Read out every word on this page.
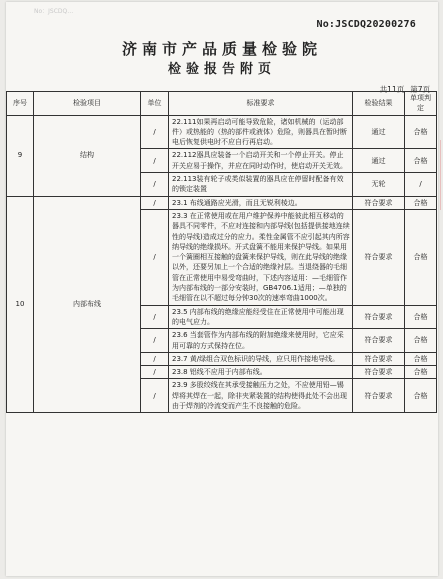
No：JSCDQ…
No:JSCDQ20200276
济南市产品质量检验院
检验报告附页
共11页 第7页
序号	检验项目	单位	标准要求	检验结果	单项判定
9	结构	/	22.111如果再启动可能导致危险，诸如机械的（运动部件）或热能的（热的部件或液体）危险，则器具在暂时断电后恢复供电时不应自行再启动。	通过	合格
		/	22.112器具应装备一个启动开关和一个停止开关。停止开关应易于操作，并应在同时动作时，使启动开关无效。	通过	合格
		/	22.113装有轮子或类似装置的器具应在停留时配备有效的锁定装置	无轮	/
10	内部布线	/	23.1 布线通路应光滑，而且无锐利棱边。	符合要求	合格
		/	23.3 在正常使用或在用户维护保养中能彼此相互移动的器具不同零件，不应对连接和内部导线(包括提供接地连续性的导线)造成过分的应力。柔性金属管不应引起其内所容纳导线的绝缘损坏。开式盘簧不能用来保护导线。如果用一个簧圈相互接触的盘簧来保护导线，则在此导线的绝缘以外，还要另加上一个合适的绝缘衬层。当退绕器的毛细管在正常使用中易受弯曲时，下述内容适用：—毛细管作为内部布线的一部分安装时，GB4706.1适用；—单独的毛细管在以不超过每分钟30次的速率弯曲1000次。	符合要求	合格
		/	23.5 内部布线的绝缘应能经受住在正常使用中可能出现的电气应力。	符合要求	合格
		/	23.6 当套管作为内部布线的附加绝缘来使用时，它应采用可靠的方式保持在位。	符合要求	合格
		/	23.7 黄/绿组合双色标识的导线，应只用作接地导线。	符合要求	合格
		/	23.8 铝线不应用于内部布线。	符合要求	合格
		/	23.9 多股绞线在其承受接触压力之处，不应使用铅—锡焊将其焊在一起，除非夹紧装置的结构使得此处不会出现由于焊剂的冷流变而产生不良接触的危险。	符合要求	合格
